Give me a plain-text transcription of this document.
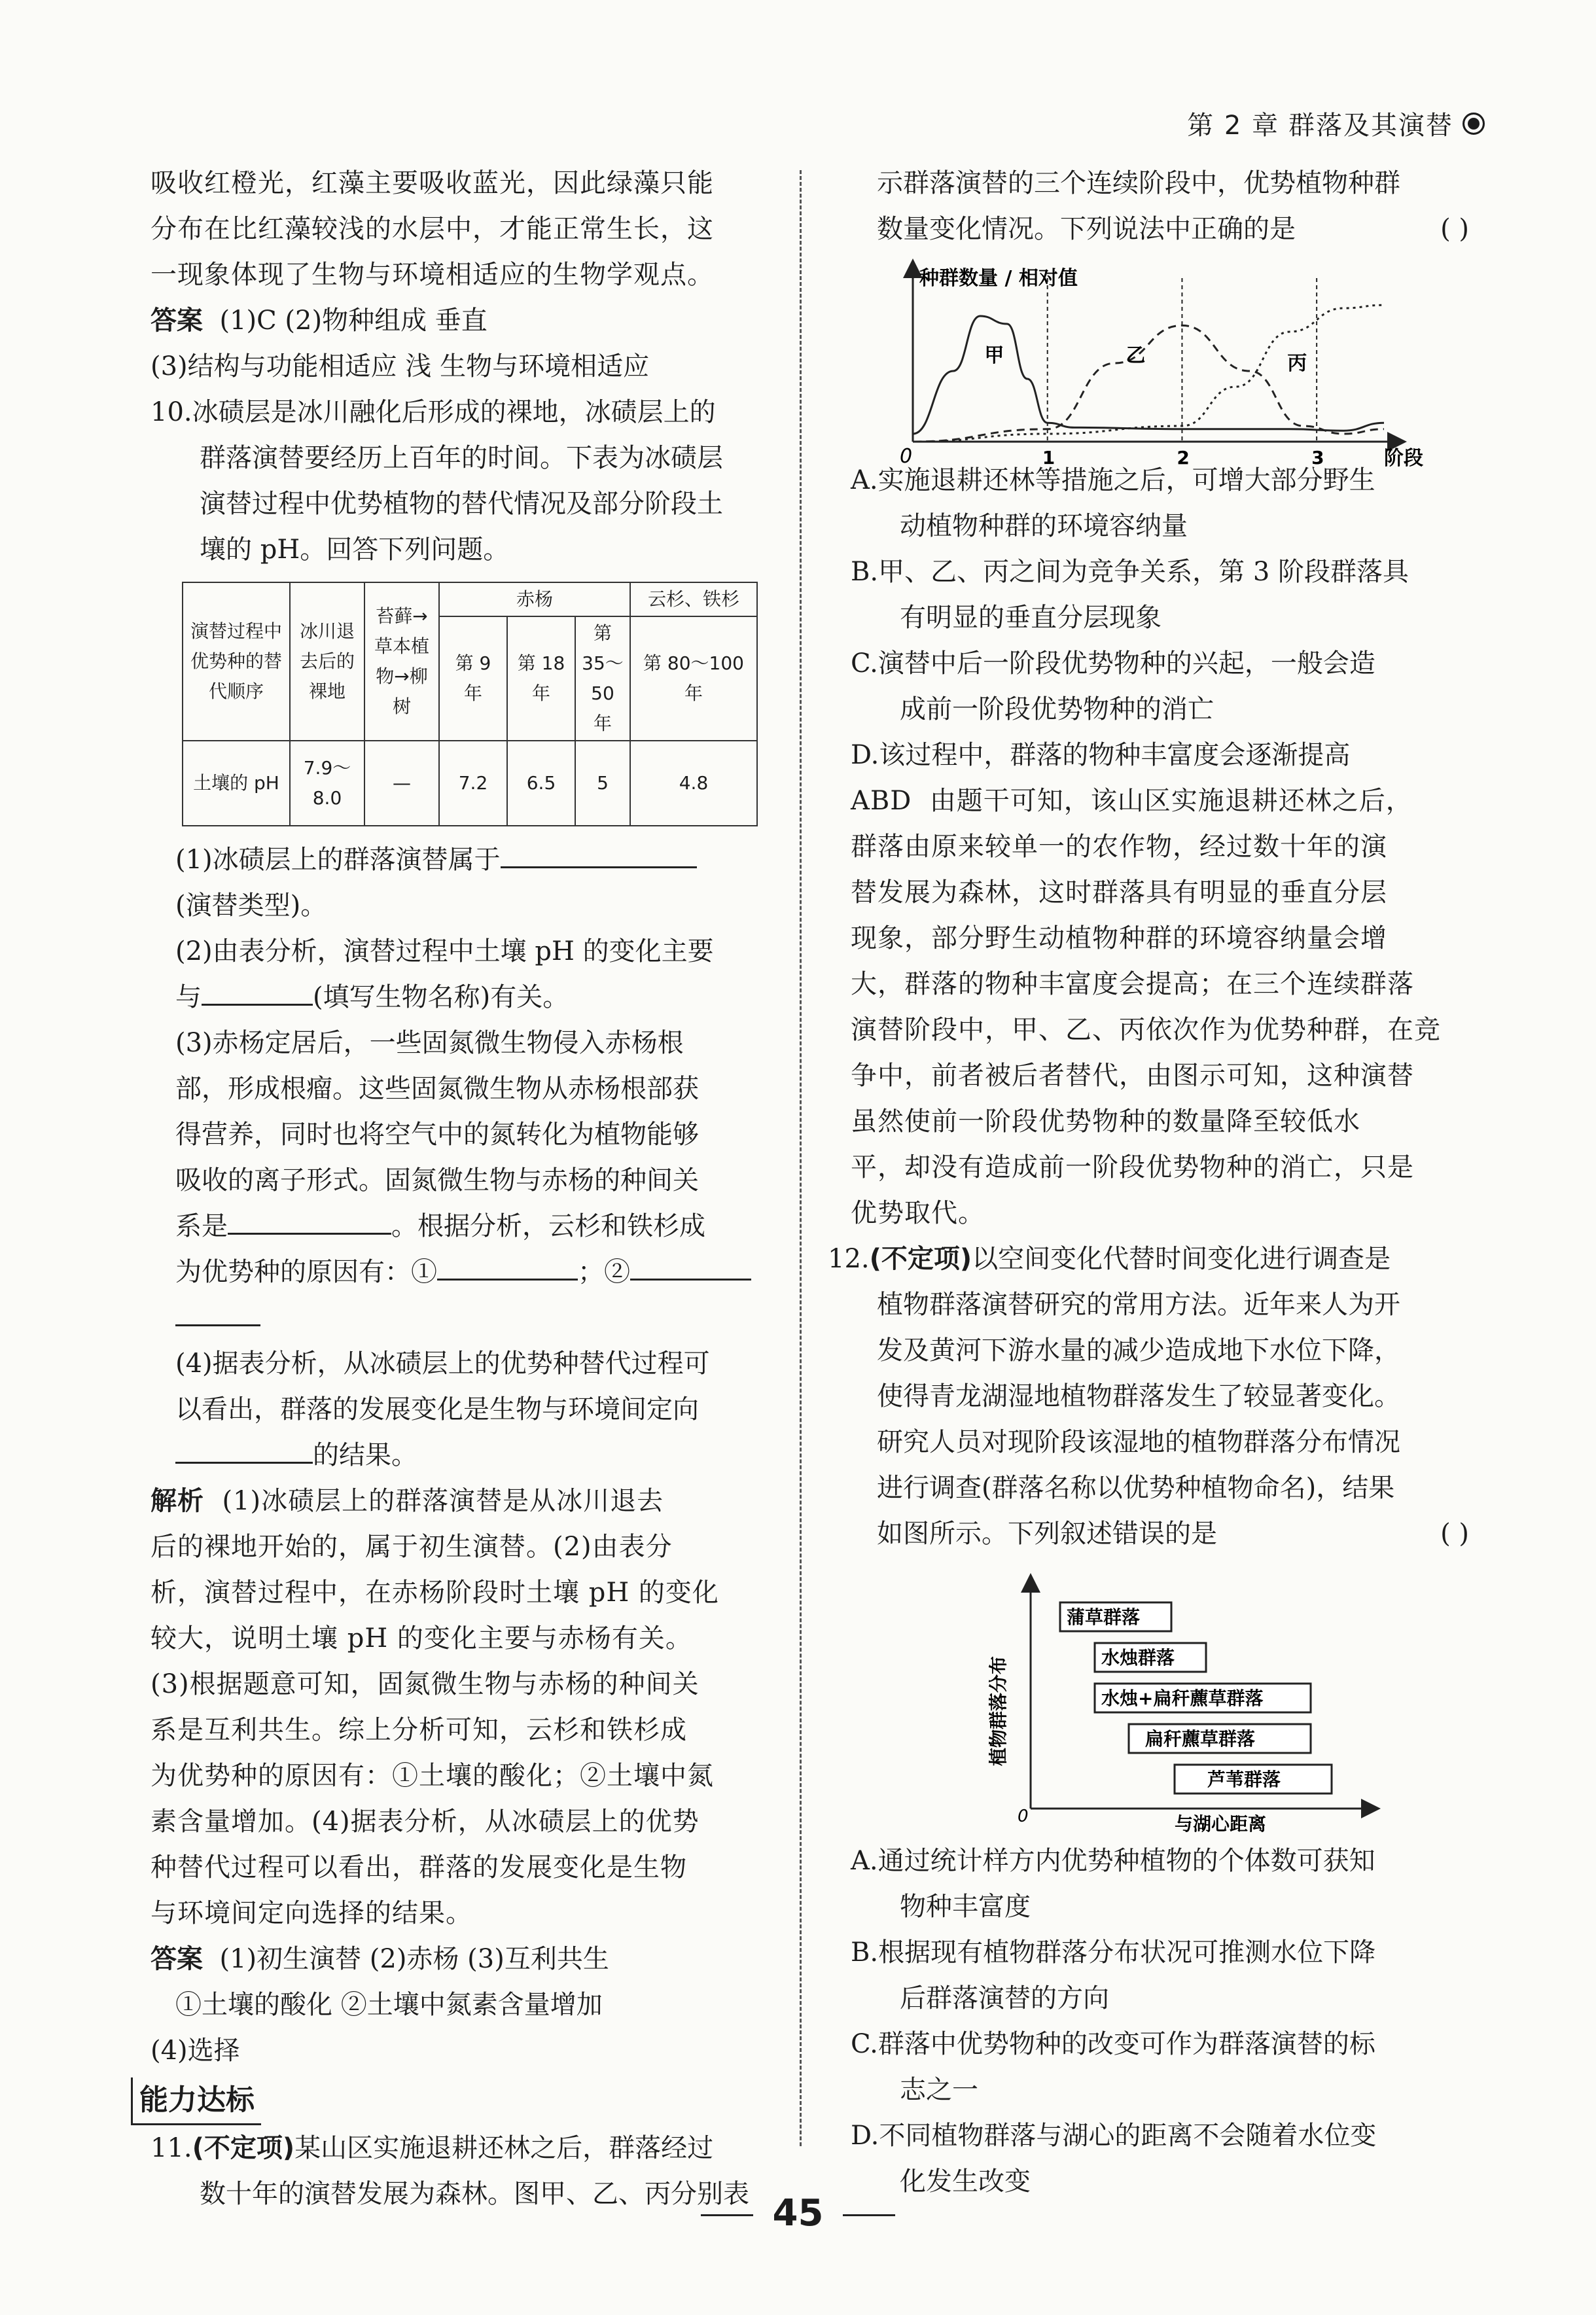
第 2 章 群落及其演替

吸收红橙光，红藻主要吸收蓝光，因此绿藻只能

分布在比红藻较浅的水层中，才能正常生长，这

一现象体现了生物与环境相适应的生物学观点。

答案 (1)C (2)物种组成 垂直

(3)结构与功能相适应 浅 生物与环境相适应

10.冰碛层是冰川融化后形成的裸地，冰碛层上的

群落演替要经历上百年的时间。下表为冰碛层

演替过程中优势植物的替代情况及部分阶段土

壤的 pH。回答下列问题。

演替过程中优势种的替代顺序	冰川退去后的裸地	苔藓→草本植物→柳树	赤杨			云杉、铁杉
			第 9 年	第 18 年	第 35～50 年	第 80～100 年
土壤的 pH	7.9～8.0	—	7.2	6.5	5	4.8

(1)冰碛层上的群落演替属于

(演替类型)。

(2)由表分析，演替过程中土壤 pH 的变化主要

与	(填写生物名称)有关。

(3)赤杨定居后，一些固氮微生物侵入赤杨根

部，形成根瘤。这些固氮微生物从赤杨根部获

得营养，同时也将空气中的氮转化为植物能够

吸收的离子形式。固氮微生物与赤杨的种间关

系是	。根据分析，云杉和铁杉成

为优势种的原因有：①	；②

(4)据表分析，从冰碛层上的优势种替代过程可

以看出，群落的发展变化是生物与环境间定向

的结果。

解析 (1)冰碛层上的群落演替是从冰川退去

后的裸地开始的，属于初生演替。(2)由表分

析，演替过程中，在赤杨阶段时土壤 pH 的变化

较大，说明土壤 pH 的变化主要与赤杨有关。

(3)根据题意可知，固氮微生物与赤杨的种间关

系是互利共生。综上分析可知，云杉和铁杉成

为优势种的原因有：①土壤的酸化；②土壤中氮

素含量增加。(4)据表分析，从冰碛层上的优势

种替代过程可以看出，群落的发展变化是生物

与环境间定向选择的结果。

答案 (1)初生演替 (2)赤杨 (3)互利共生

①土壤的酸化 ②土壤中氮素含量增加

(4)选择

能力达标

11.(不定项)某山区实施退耕还林之后，群落经过

数十年的演替发展为森林。图甲、乙、丙分别表

示群落演替的三个连续阶段中，优势植物种群

数量变化情况。下列说法中正确的是	( )

种群数量 / 相对值
阶段
0	1	2	3
甲	乙	丙

A.实施退耕还林等措施之后，可增大部分野生

动植物种群的环境容纳量

B.甲、乙、丙之间为竞争关系，第 3 阶段群落具

有明显的垂直分层现象

C.演替中后一阶段优势物种的兴起，一般会造

成前一阶段优势物种的消亡

D.该过程中，群落的物种丰富度会逐渐提高

ABD 由题干可知，该山区实施退耕还林之后，

群落由原来较单一的农作物，经过数十年的演

替发展为森林，这时群落具有明显的垂直分层

现象，部分野生动植物种群的环境容纳量会增

大，群落的物种丰富度会提高；在三个连续群落

演替阶段中，甲、乙、丙依次作为优势种群，在竞

争中，前者被后者替代，由图示可知，这种演替

虽然使前一阶段优势物种的数量降至较低水

平，却没有造成前一阶段优势物种的消亡，只是

优势取代。

12.(不定项)以空间变化代替时间变化进行调查是

植物群落演替研究的常用方法。近年来人为开

发及黄河下游水量的减少造成地下水位下降，

使得青龙湖湿地植物群落发生了较显著变化。

研究人员对现阶段该湿地的植物群落分布情况

进行调查(群落名称以优势种植物命名)，结果

如图所示。下列叙述错误的是	( )

植物群落分布
与湖心距离
0
蒲草群落
水烛群落
水烛+扁秆藨草群落
扁秆藨草群落
芦苇群落

A.通过统计样方内优势种植物的个体数可获知

物种丰富度

B.根据现有植物群落分布状况可推测水位下降

后群落演替的方向

C.群落中优势物种的改变可作为群落演替的标

志之一

D.不同植物群落与湖心的距离不会随着水位变

化发生改变

45
